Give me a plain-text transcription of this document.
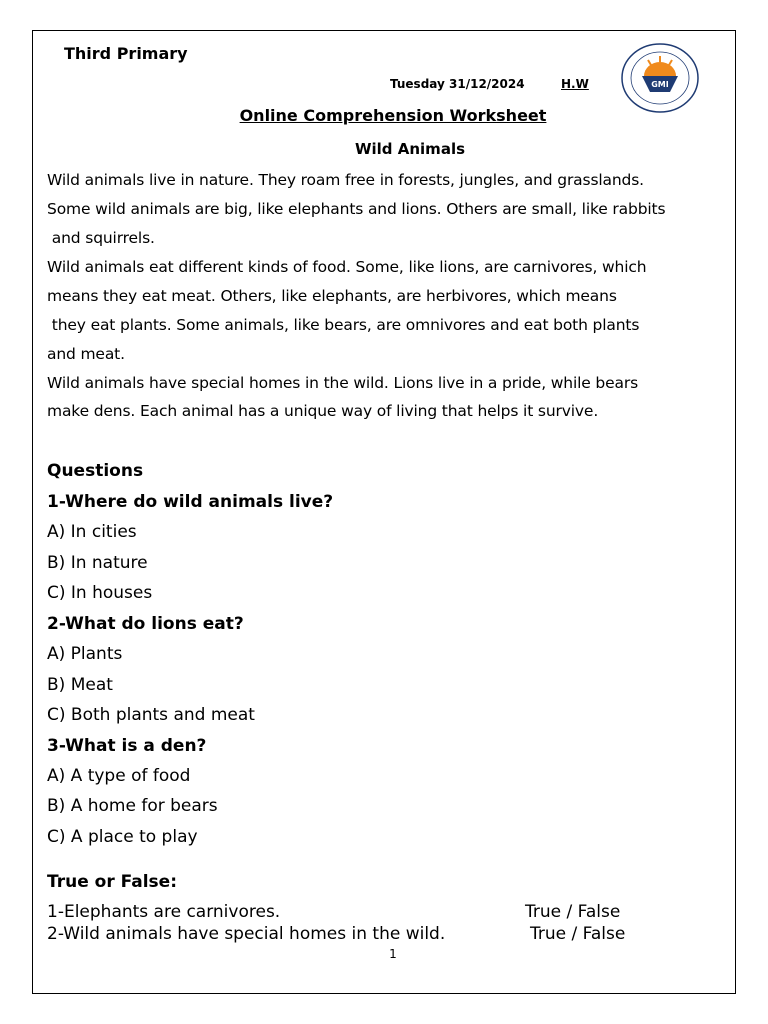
Third Primary
Tuesday 31/12/2024	H.W	GMI
Online Comprehension Worksheet
Wild Animals
Wild animals live in nature. They roam free in forests, jungles, and grasslands.
Some wild animals are big, like elephants and lions. Others are small, like rabbits
and squirrels.
Wild animals eat different kinds of food. Some, like lions, are carnivores, which
means they eat meat. Others, like elephants, are herbivores, which means
they eat plants. Some animals, like bears, are omnivores and eat both plants
and meat.
Wild animals have special homes in the wild. Lions live in a pride, while bears
make dens. Each animal has a unique way of living that helps it survive.
Questions
1-Where do wild animals live?
A) In cities
B) In nature
C) In houses
2-What do lions eat?
A) Plants
B) Meat
C) Both plants and meat
3-What is a den?
A) A type of food
B) A home for bears
C) A place to play
True or False:
1-Elephants are carnivores.	True / False
2-Wild animals have special homes in the wild.	True / False
1
